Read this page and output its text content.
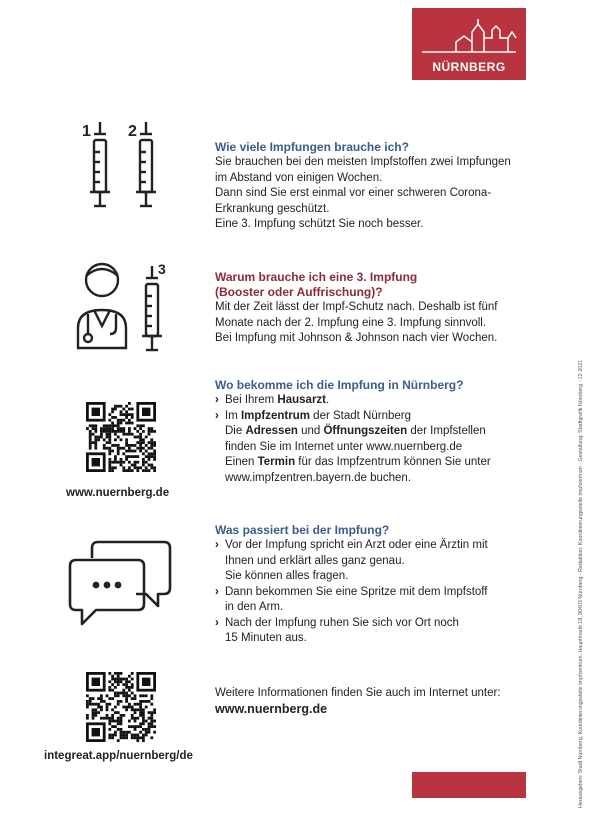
NÜRNBERG
1 2
Wie viele Impfungen brauche ich?
Sie brauchen bei den meisten Impfstoffen zwei Impfungen
im Abstand von einigen Wochen.
Dann sind Sie erst einmal vor einer schweren Corona-
Erkrankung geschützt.
Eine 3. Impfung schützt Sie noch besser.
3	Warum brauche ich eine 3. Impfung
(Booster oder Auffrischung)?
Mit der Zeit lässt der Impf-Schutz nach. Deshalb ist fünf
Monate nach der 2. Impfung eine 3. Impfung sinnvoll.
Bei Impfung mit Johnson & Johnson nach vier Wochen.
www.nuernberg.de
Wo bekomme ich die Impfung in Nürnberg?
› Bei Ihrem Hausarzt.
› Im Impfzentrum der Stadt Nürnberg
Die Adressen und Öffnungszeiten der Impfstellen
finden Sie im Internet unter www.nuernberg.de
Einen Termin für das Impfzentrum können Sie unter
www.impfzentren.bayern.de buchen.
Was passiert bei der Impfung?
› Vor der Impfung spricht ein Arzt oder eine Ärztin mit
Ihnen und erklärt alles ganz genau.
Sie können alles fragen.
› Dann bekommen Sie eine Spritze mit dem Impfstoff
in den Arm.
› Nach der Impfung ruhen Sie sich vor Ort noch
15 Minuten aus.
integreat.app/nuernberg/de
Weitere Informationen finden Sie auch im Internet unter:
www.nuernberg.de	Herausgeben: Stadt Nürnberg, Koordinierungsstelle Impfzentrum, Hauptmarkt 18, 90403 Nürnberg - Redaktion: Koordinierungsstelle Impfzentrum - Gestaltung: Stadtgrafik Nürnberg - 12-2021
